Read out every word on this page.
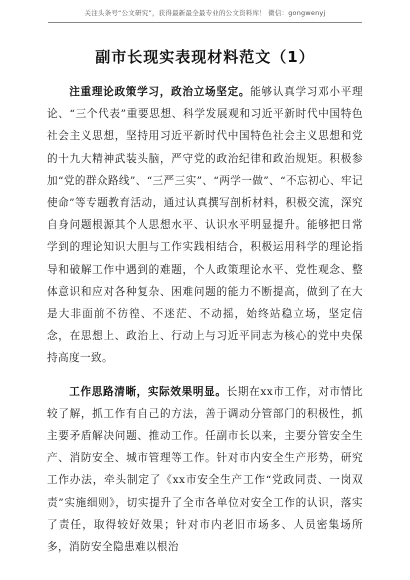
关注头条号“公文研究”，获得最新最全最专业的公文资料库！ 微信：gongwenyj
副市长现实表现材料范文（1）

注重理论政策学习，政治立场坚定。能够认真学习邓小平理论、“三个代表”重要思想、科学发展观和习近平新时代中国特色社会主义思想，坚持用习近平新时代中国特色社会主义思想和党的十九大精神武装头脑，严守党的政治纪律和政治规矩。积极参加“党的群众路线”、“三严三实”、“两学一做”、“不忘初心、牢记使命”等专题教育活动，通过认真撰写剖析材料，积极交流，深究自身问题根源其个人思想水平、认识水平明显提升。能够把日常学到的理论知识大胆与工作实践相结合，积极运用科学的理论指导和破解工作中遇到的难题，个人政策理论水平、党性观念、整体意识和应对各种复杂、困难问题的能力不断提高，做到了在大是大非面前不彷徨、不迷茫、不动摇，始终站稳立场，坚定信念，在思想上、政治上、行动上与习近平同志为核心的党中央保持高度一致。

工作思路清晰，实际效果明显。长期在xx市工作，对市情比较了解，抓工作有自己的方法，善于调动分管部门的积极性，抓主要矛盾解决问题、推动工作。任副市长以来，主要分管安全生产、消防安全、城市管理等工作。针对市内安全生产形势，研究工作办法，牵头制定了《xx市安全生产工作“党政同责、一岗双责”实施细则》，切实提升了全市各单位对安全工作的认识，落实了责任，取得较好效果；针对市内老旧市场多、人员密集场所多，消防安全隐患难以根治
